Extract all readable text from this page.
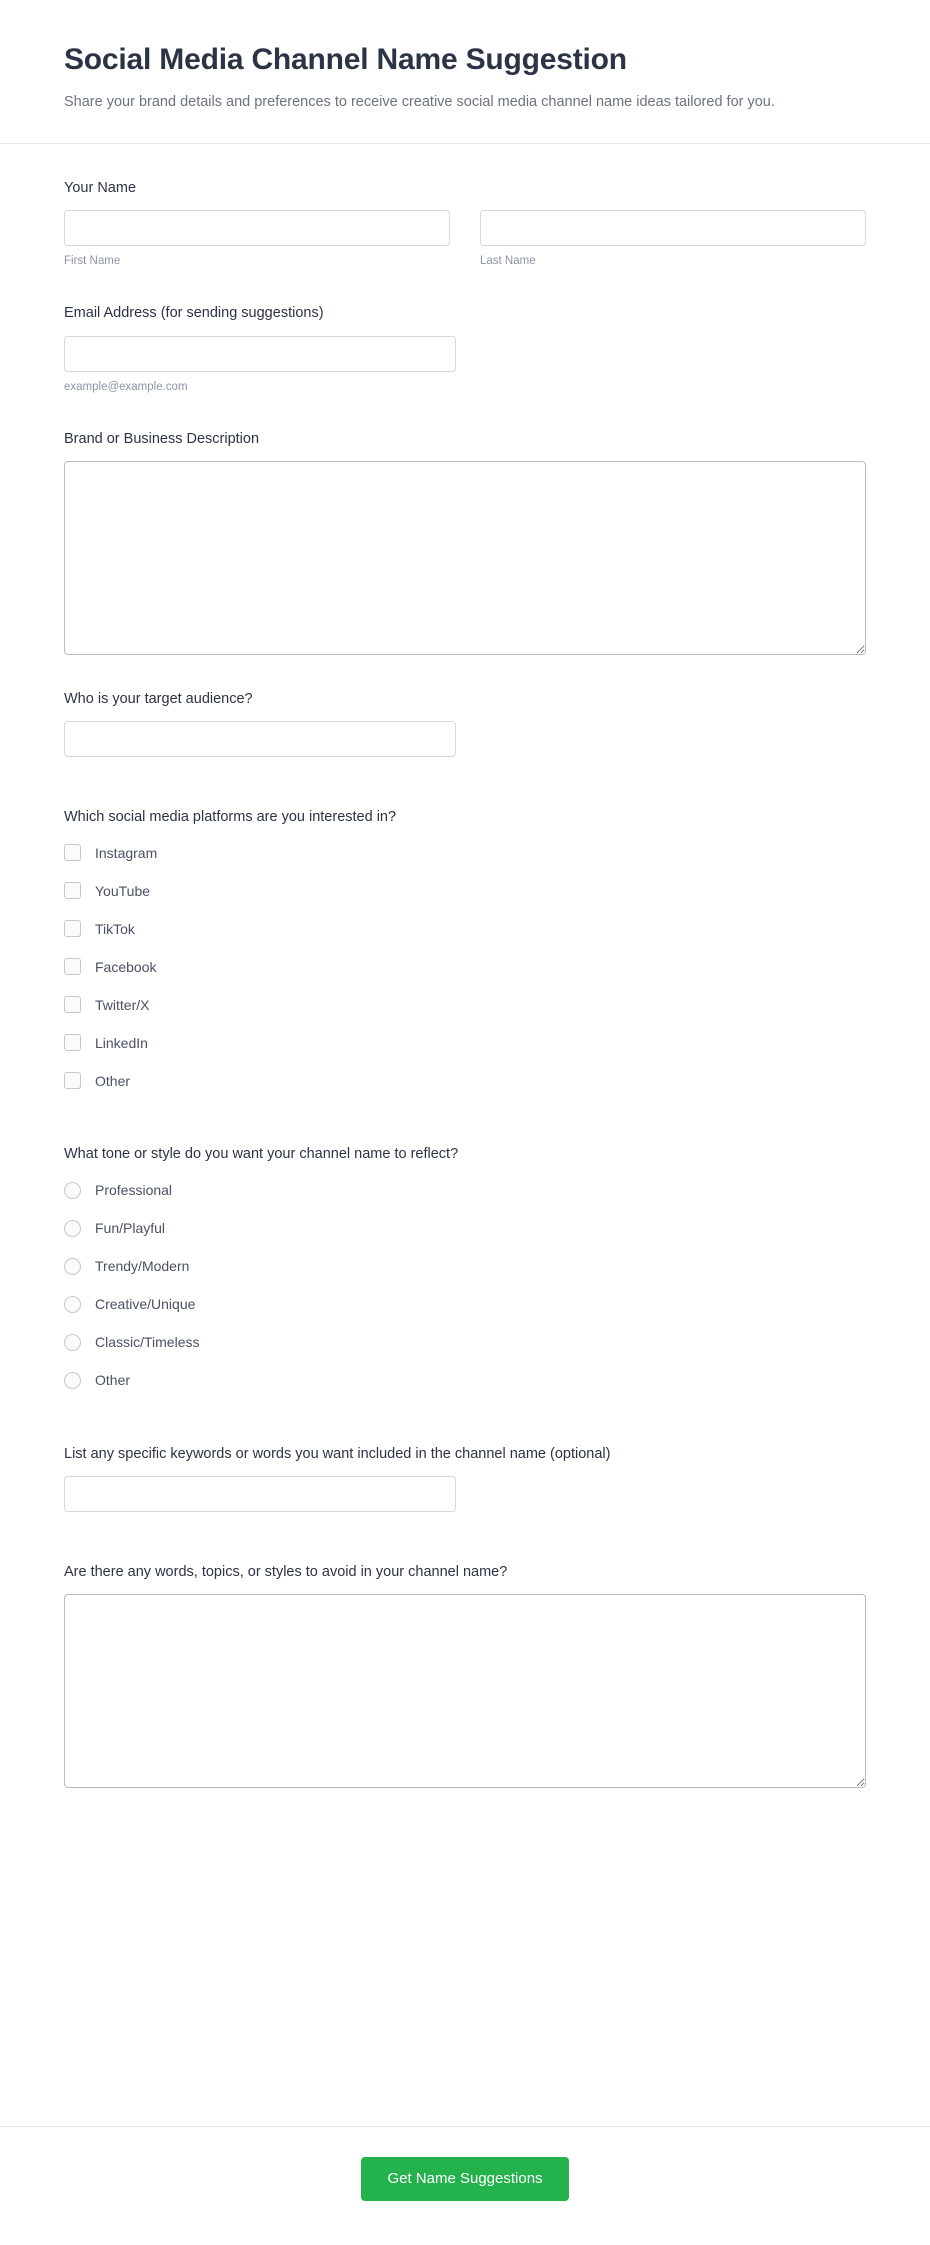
Social Media Channel Name Suggestion

Share your brand details and preferences to receive creative social media channel name ideas tailored for you.

Your Name
First Name	Last Name
Email Address (for sending suggestions)
example@example.com
Brand or Business Description
Who is your target audience?
Which social media platforms are you interested in?
Instagram
YouTube
TikTok
Facebook
Twitter/X
LinkedIn
Other
What tone or style do you want your channel name to reflect?
Professional
Fun/Playful
Trendy/Modern
Creative/Unique
Classic/Timeless
Other
List any specific keywords or words you want included in the channel name (optional)
Are there any words, topics, or styles to avoid in your channel name?
Get Name Suggestions
